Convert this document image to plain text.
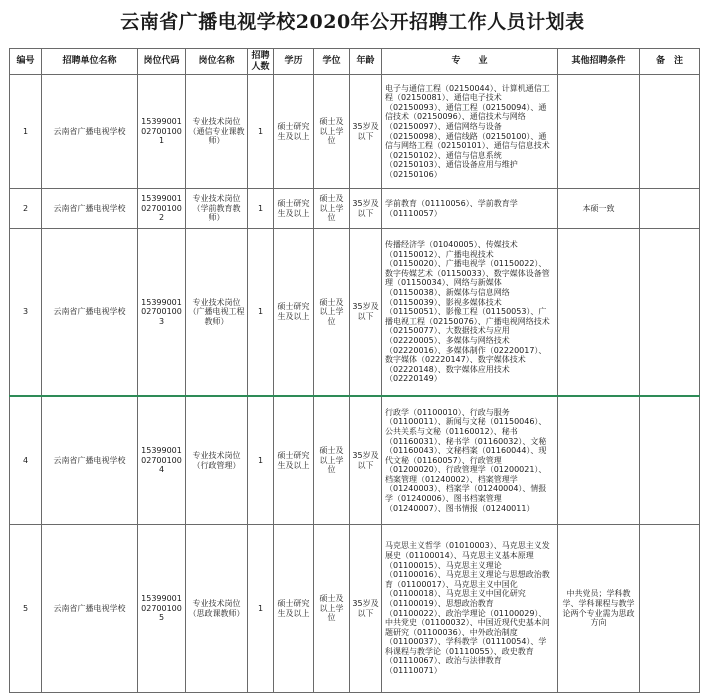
云南省广播电视学校2020年公开招聘工作人员计划表
编号	招聘单位名称	岗位代码	岗位名称	招聘人数	学历	学位	年龄	专　　业	其他招聘条件	备　注
1	云南省广播电视学校	15399001027001001	专业技术岗位（通信专业课教师）	1	硕士研究生及以上	硕士及以上学位	35岁及以下	电子与通信工程（02150044）、计算机通信工程（02150081）、通信电子技术（02150093）、通信工程（02150094）、通信技术（02150096）、通信技术与网络（02150097）、通信网络与设备（02150098）、通信线路（02150100）、通信与网络工程（02150101）、通信与信息技术（02150102）、通信与信息系统（02150103）、通信设备应用与维护（02150106）		
2	云南省广播电视学校	15399001027001002	专业技术岗位（学前教育教师）	1	硕士研究生及以上	硕士及以上学位	35岁及以下	学前教育（01110056）、学前教育学（01110057）	本硕一致	
3	云南省广播电视学校	15399001027001003	专业技术岗位（广播电视工程教师）	1	硕士研究生及以上	硕士及以上学位	35岁及以下	传播经济学（01040005）、传媒技术（01150012）、广播电视技术（01150020）、广播电视学（01150022）、数字传媒艺术（01150033）、数字媒体设备管理（01150034）、网络与新媒体（01150038）、新媒体与信息网络（01150039）、影视多媒体技术（01150051）、影像工程（01150053）、广播电视工程（02150076）、广播电视网络技术（02150077）、大数据技术与应用（02220005）、多媒体与网络技术（02220016）、多媒体制作（02220017）、数字媒体（02220147）、数字媒体技术（02220148）、数字媒体应用技术（02220149）		
4	云南省广播电视学校	15399001027001004	专业技术岗位（行政管理）	1	硕士研究生及以上	硕士及以上学位	35岁及以下	行政学（01100010）、行政与服务（01100011）、新闻与文秘（01150046）、公共关系与文秘（01160012）、秘书（01160031）、秘书学（01160032）、文秘（01160043）、文秘档案（01160044）、现代文秘（01160057）、行政管理（01200020）、行政管理学（01200021）、档案管理（01240002）、档案管理学（01240003）、档案学（01240004）、情报学（01240006）、图书档案管理（01240007）、图书情报（01240011）		
5	云南省广播电视学校	15399001027001005	专业技术岗位（思政课教师）	1	硕士研究生及以上	硕士及以上学位	35岁及以下	马克思主义哲学（01010003）、马克思主义发展史（01100014）、马克思主义基本原理（01100015）、马克思主义理论（01100016）、马克思主义理论与思想政治教育（01100017）、马克思主义中国化（01100018）、马克思主义中国化研究（01100019）、思想政治教育（01100022）、政治学理论（01100029）、中共党史（01100032）、中国近现代史基本问题研究（01100036）、中外政治制度（01100037）、学科教学（01110054）、学科课程与教学论（01110055）、政史教育（01110067）、政治与法律教育（01110071）	中共党员；学科教学、学科课程与教学论两个专业需为思政方向	
